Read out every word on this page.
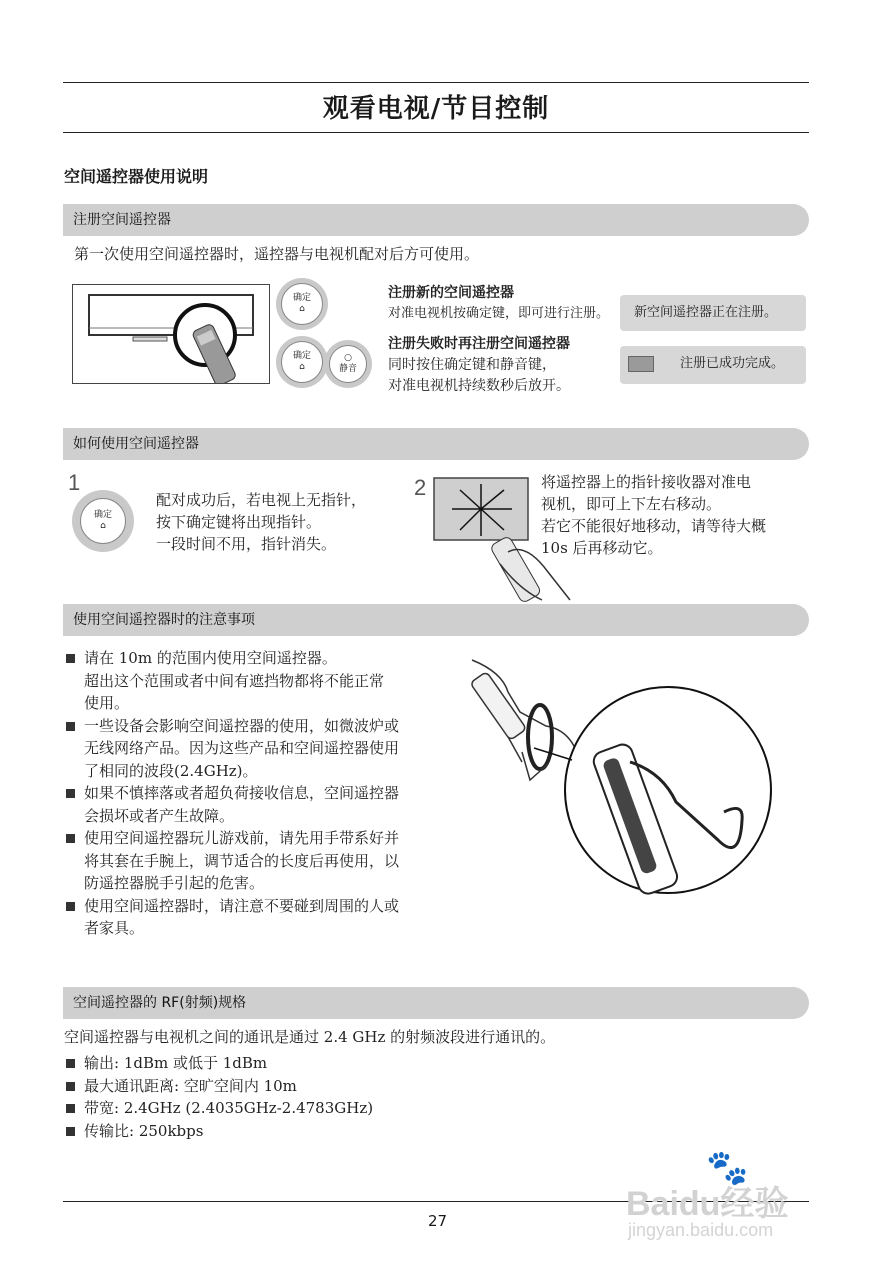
观看电视/节目控制
空间遥控器使用说明
注册空间遥控器
第一次使用空间遥控器时，遥控器与电视机配对后方可使用。
确定
⌂
确定
⌂
○
静音
注册新的空间遥控器
对准电视机按确定键，即可进行注册。
注册失败时再注册空间遥控器
同时按住确定键和静音键，
对准电视机持续数秒后放开。
新空间遥控器正在注册。
注册已成功完成。
如何使用空间遥控器
1
确定
⌂
配对成功后，若电视上无指针，
按下确定键将出现指针。
一段时间不用，指针消失。
2	将遥控器上的指针接收器对准电
视机，即可上下左右移动。
若它不能很好地移动，请等待大概
10s 后再移动它。
使用空间遥控器时的注意事项
请在 10m 的范围内使用空间遥控器。
超出这个范围或者中间有遮挡物都将不能正常
使用。
一些设备会影响空间遥控器的使用，如微波炉或
无线网络产品。因为这些产品和空间遥控器使用
了相同的波段(2.4GHz)。
如果不慎摔落或者超负荷接收信息，空间遥控器
会损坏或者产生故障。
使用空间遥控器玩儿游戏前，请先用手带系好并
将其套在手腕上，调节适合的长度后再使用，以
防遥控器脱手引起的危害。
使用空间遥控器时，请注意不要碰到周围的人或
者家具。
空间遥控器的 RF(射频)规格
空间遥控器与电视机之间的通讯是通过 2.4 GHz 的射频波段进行通讯的。
输出: 1dBm 或低于 1dBm
最大通讯距离: 空旷空间内 10m
带宽: 2.4GHz (2.4035GHz-2.4783GHz)
传输比: 250kbps
27
🐾
Baidu经验
jingyan.baidu.com
